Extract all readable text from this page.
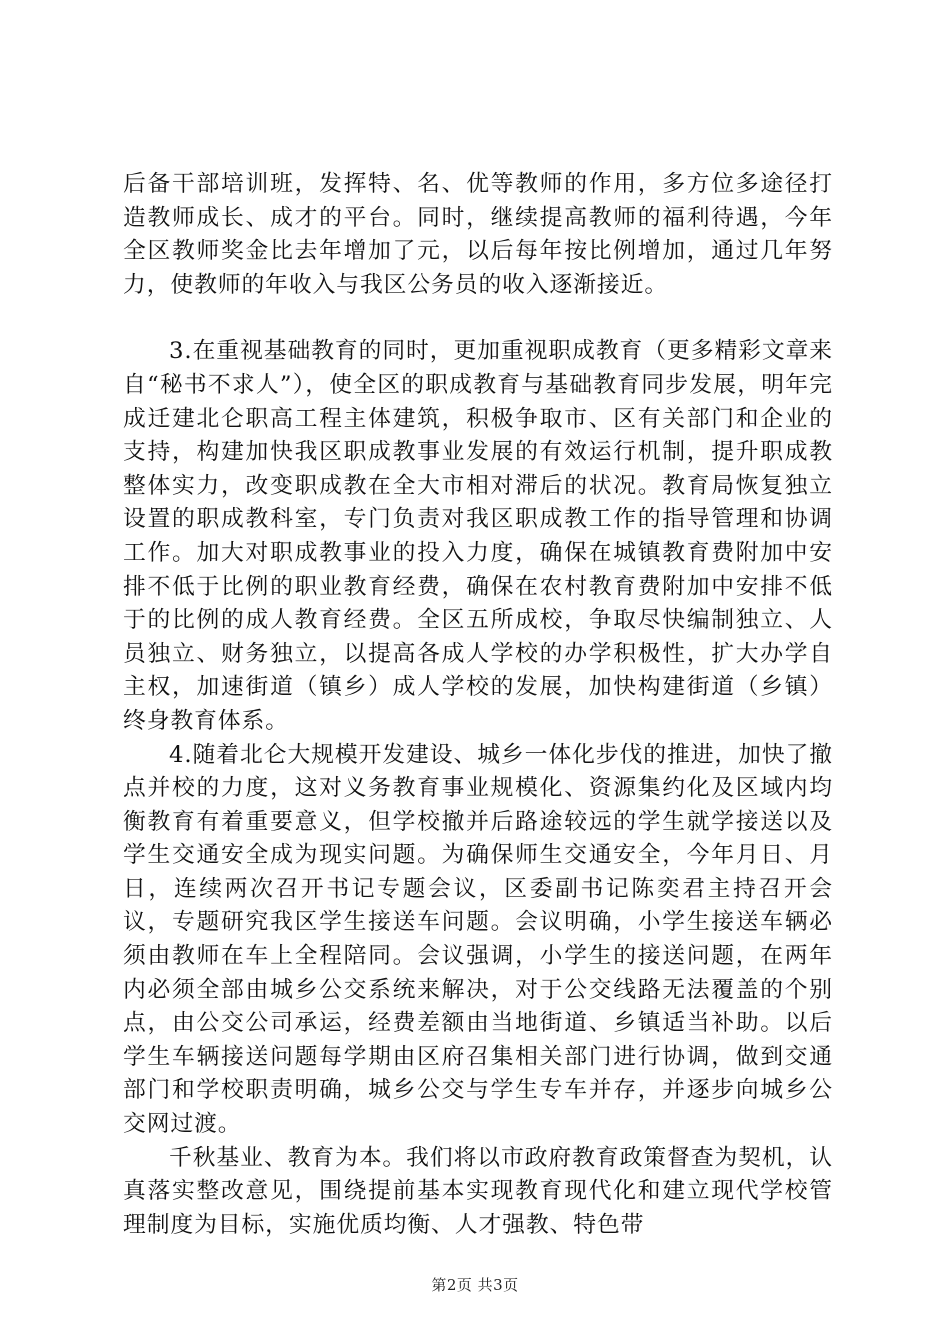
后备干部培训班，发挥特、名、优等教师的作用，多方位多途径打造教师成长、成才的平台。同时，继续提高教师的福利待遇，今年全区教师奖金比去年增加了元，以后每年按比例增加，通过几年努力，使教师的年收入与我区公务员的收入逐渐接近。

3.在重视基础教育的同时，更加重视职成教育（更多精彩文章来自“秘书不求人”），使全区的职成教育与基础教育同步发展，明年完成迁建北仑职高工程主体建筑，积极争取市、区有关部门和企业的支持，构建加快我区职成教事业发展的有效运行机制，提升职成教整体实力，改变职成教在全大市相对滞后的状况。教育局恢复独立设置的职成教科室，专门负责对我区职成教工作的指导管理和协调工作。加大对职成教事业的投入力度，确保在城镇教育费附加中安排不低于比例的职业教育经费，确保在农村教育费附加中安排不低于的比例的成人教育经费。全区五所成校，争取尽快编制独立、人员独立、财务独立，以提高各成人学校的办学积极性，扩大办学自主权，加速街道（镇乡）成人学校的发展，加快构建街道（乡镇）终身教育体系。

4.随着北仑大规模开发建设、城乡一体化步伐的推进，加快了撤点并校的力度，这对义务教育事业规模化、资源集约化及区域内均衡教育有着重要意义，但学校撤并后路途较远的学生就学接送以及学生交通安全成为现实问题。为确保师生交通安全，今年月日、月日，连续两次召开书记专题会议，区委副书记陈奕君主持召开会议，专题研究我区学生接送车问题。会议明确，小学生接送车辆必须由教师在车上全程陪同。会议强调，小学生的接送问题，在两年内必须全部由城乡公交系统来解决，对于公交线路无法覆盖的个别点，由公交公司承运，经费差额由当地街道、乡镇适当补助。以后学生车辆接送问题每学期由区府召集相关部门进行协调，做到交通部门和学校职责明确，城乡公交与学生专车并存，并逐步向城乡公交网过渡。

千秋基业、教育为本。我们将以市政府教育政策督查为契机，认真落实整改意见，围绕提前基本实现教育现代化和建立现代学校管理制度为目标，实施优质均衡、人才强教、特色带

第2页 共3页
